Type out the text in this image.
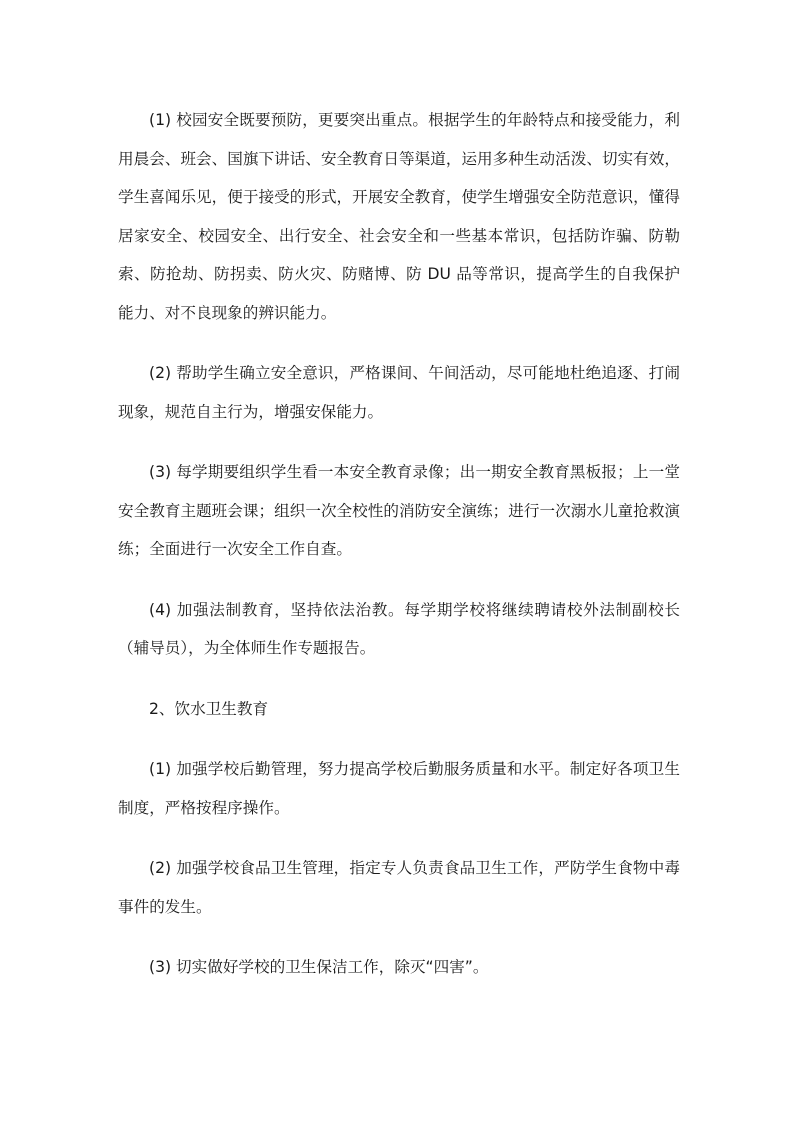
(1) 校园安全既要预防，更要突出重点。根据学生的年龄特点和接受能力，利用晨会、班会、国旗下讲话、安全教育日等渠道，运用多种生动活泼、切实有效，学生喜闻乐见，便于接受的形式，开展安全教育，使学生增强安全防范意识，懂得居家安全、校园安全、出行安全、社会安全和一些基本常识，包括防诈骗、防勒索、防抢劫、防拐卖、防火灾、防赌博、防 DU 品等常识，提高学生的自我保护能力、对不良现象的辨识能力。

(2) 帮助学生确立安全意识，严格课间、午间活动，尽可能地杜绝追逐、打闹现象，规范自主行为，增强安保能力。

(3) 每学期要组织学生看一本安全教育录像；出一期安全教育黑板报；上一堂安全教育主题班会课；组织一次全校性的消防安全演练；进行一次溺水儿童抢救演练；全面进行一次安全工作自查。

(4) 加强法制教育，坚持依法治教。每学期学校将继续聘请校外法制副校长（辅导员），为全体师生作专题报告。

2、饮水卫生教育

(1) 加强学校后勤管理，努力提高学校后勤服务质量和水平。制定好各项卫生制度，严格按程序操作。

(2) 加强学校食品卫生管理，指定专人负责食品卫生工作，严防学生食物中毒事件的发生。

(3) 切实做好学校的卫生保洁工作，除灭“四害”。
